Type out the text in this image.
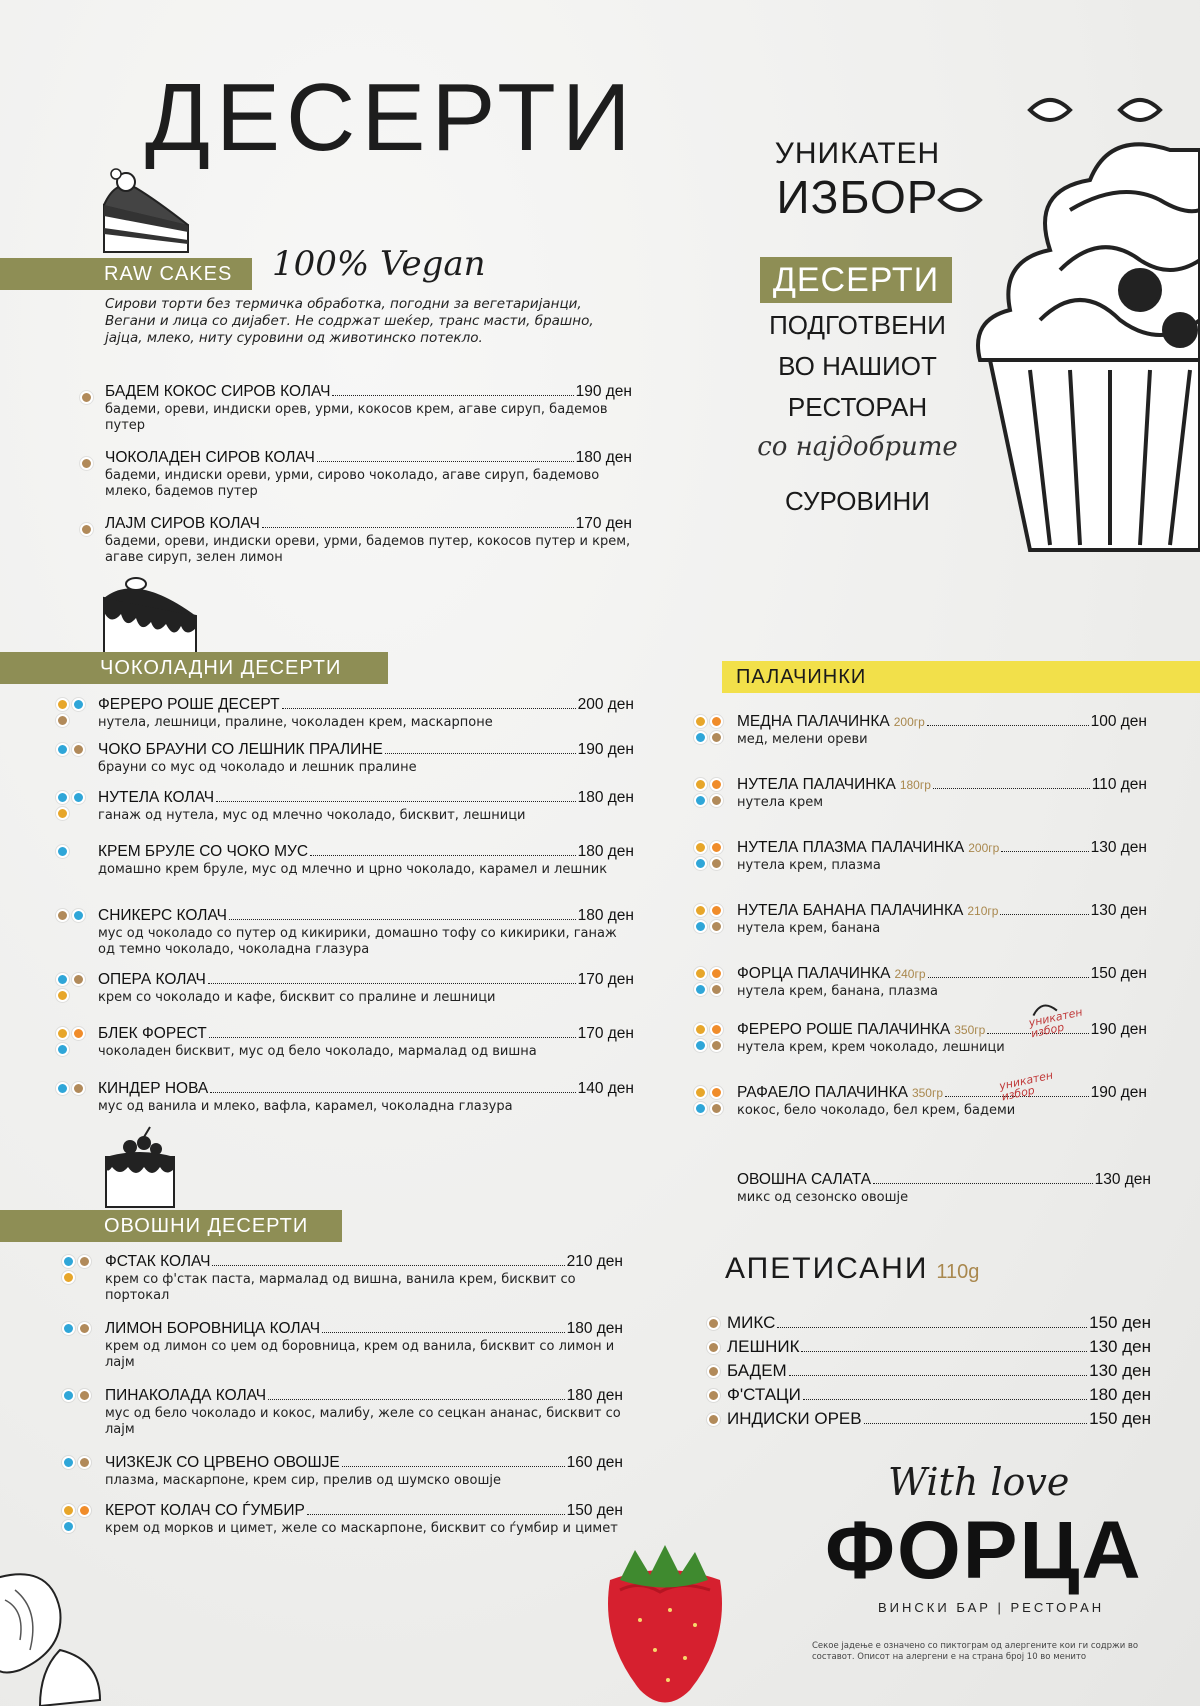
ДЕСЕРТИ
RAW CAKES 100% Vegan
Сирови торти без термичка обработка, погодни за вегетаријанци, Вегани и лица со дијабет. Не содржат шеќер, транс масти, брашно, јајца, млеко, ниту суровини од животинско потекло.
БАДЕМ КОКОС СИРОВ КОЛАЧ	190 ден
бадеми, ореви, индиски орев, урми, кокосов крем, агаве сируп, бадемов путер
ЧОКОЛАДЕН СИРОВ КОЛАЧ	180 ден
бадеми, индиски ореви, урми, сирово чоколадо, агаве сируп, бадемово млеко, бадемов путер
ЛАЈМ СИРОВ КОЛАЧ	170 ден
бадеми, ореви, индиски ореви, урми, бадемов путер, кокосов путер и крем, агаве сируп, зелен лимон
ЧОКОЛАДНИ ДЕСЕРТИ
ФЕРЕРО РОШЕ ДЕСЕРТ	200 ден
нутела, лешници, пралине, чоколаден крем, маскарпоне
ЧОКО БРАУНИ СО ЛЕШНИК ПРАЛИНЕ	190 ден
брауни со мус од чоколадо и лешник пралине
НУТЕЛА КОЛАЧ	180 ден
ганаж од нутела, мус од млечно чоколадо, бисквит, лешници
КРЕМ БРУЛЕ СО ЧОКО МУС	180 ден
домашно крем бруле, мус од млечно и црно чоколадо, карамел и лешник
СНИКЕРС КОЛАЧ	180 ден
мус од чоколадо со путер од кикирики, домашно тофу со кикирики, ганаж од темно чоколадо, чоколадна глазура
ОПЕРА КОЛАЧ	170 ден
крем со чоколадо и кафе, бисквит со пралине и лешници
БЛЕК ФОРЕСТ	170 ден
чоколаден бисквит, мус од бело чоколадо, мармалад од вишна
КИНДЕР НОВА	140 ден
мус од ванила и млеко, вафла, карамел, чоколадна глазура
ОВОШНИ ДЕСЕРТИ
ФСТАК КОЛАЧ	210 ден
крем со ф'стак паста, мармалад од вишна, ванила крем, бисквит со портокал
ЛИМОН БОРОВНИЦА КОЛАЧ	180 ден
крем од лимон со џем од боровница, крем од ванила, бисквит со лимон и лајм
ПИНАКОЛАДА КОЛАЧ	180 ден
мус од бело чоколадо и кокос, малибу, желе со сецкан ананас, бисквит со лајм
ЧИЗКЕЈК СО ЦРВЕНО ОВОШЈЕ	160 ден
плазма, маскарпоне, крем сир, прелив од шумско овошје
КЕРОТ КОЛАЧ СО ЃУМБИР	150 ден
крем од морков и цимет, желе со маскарпоне, бисквит со ѓумбир и цимет
УНИКАТЕН
ИЗБОР
ДЕСЕРТИ
ПОДГОТВЕНИ
ВО НАШИОТ
РЕСТОРАН
со најдобрите
СУРОВИНИ
ПАЛАЧИНКИ
МЕДНА ПАЛАЧИНКА 200гр	100 ден
мед, мелени ореви
НУТЕЛА ПАЛАЧИНКА 180гр	110 ден
нутела крем
НУТЕЛА ПЛАЗМА ПАЛАЧИНКА 200гр	130 ден
нутела крем, плазма
НУТЕЛА БАНАНА ПАЛАЧИНКА 210гр	130 ден
нутела крем, банана
ФОРЦА ПАЛАЧИНКА 240гр	150 ден
нутела крем, банана, плазма
ФЕРЕРО РОШЕ ПАЛАЧИНКА 350гр	190 ден
нутела крем, крем чоколадо, лешници
РАФАЕЛО ПАЛАЧИНКА 350гр	190 ден
кокос, бело чоколадо, бел крем, бадеми
уникатен
избор
уникатен
избор
ОВОШНА САЛАТА	130 ден
микс од сезонско овошје
АПЕТИСАНИ 110g
МИКС	150 ден
ЛЕШНИК	130 ден
БАДЕМ	130 ден
Ф'СТАЦИ	180 ден
ИНДИСКИ ОРЕВ	150 ден
With love
ФОРЦА
ВИНСКИ БАР | РЕСТОРАН
Секое јадење е означено со пиктограм од алергените кои ги содржи во составот. Описот на алергени е на страна број 10 во менито
